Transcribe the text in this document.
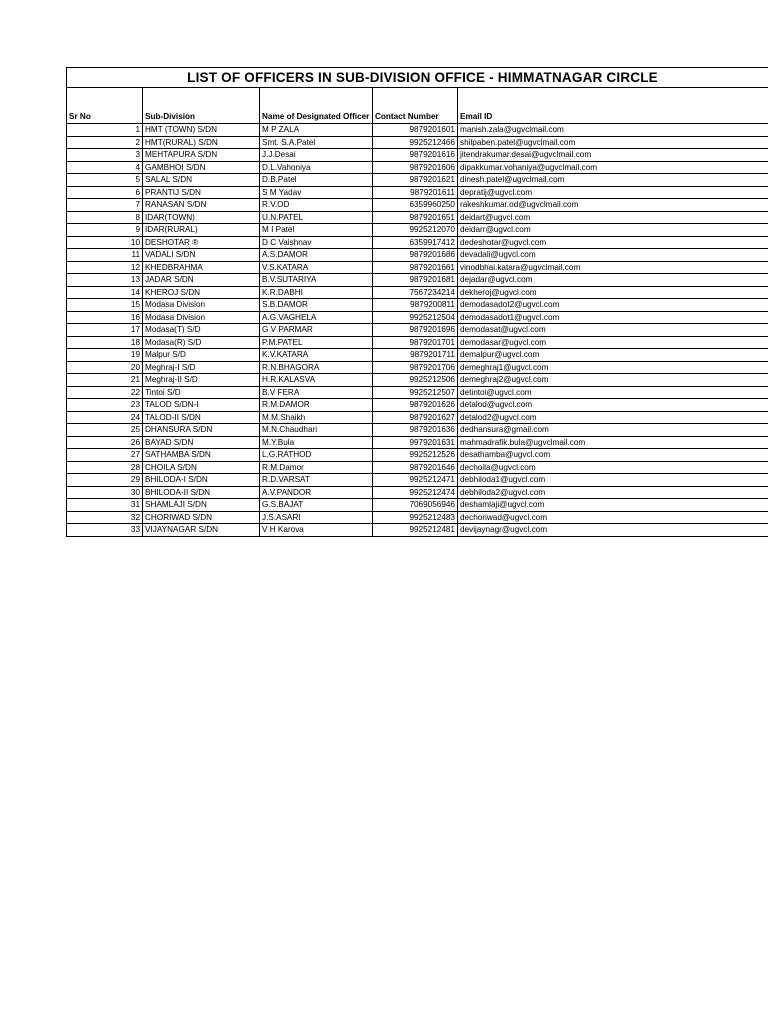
LIST OF OFFICERS IN SUB-DIVISION OFFICE - HIMMATNAGAR CIRCLE				
Sr No	Sub-Division	Name of Designated Officer	Contact Number	Email ID
1	HMT (TOWN) S/DN	M P ZALA	9879201601	manish.zala@ugvclmail.com
2	HMT(RURAL) S/DN	Smt. S.A.Patel	9925212466	shilpaben.patel@ugvclmail.com
3	MEHTAPURA S/DN	J.J.Desai	9879201616	jitendrakumar.desai@ugvclmail.com
4	GAMBHOI S/DN	D.L.Vahoniya	9879201606	dipakkumar.vohaniya@ugvclmail.com
5	SALAL S/DN	D.B.Patel	9879201621	dinesh.patel@ugvclmail.com
6	PRANTIJ S/DN	S M Yadav	9879201611	depratij@ugvcl.com
7	RANASAN S/DN	R.V.OD	6359960250	rakeshkumar.od@ugvclmail.com
8	IDAR(TOWN)	U.N.PATEL	9879201651	deidart@ugvcl.com
9	IDAR(RURAL)	M I Patel	9925212070	deidarr@ugvcl.com
10	DESHOTAR ®	D C Vaishnav	6359917412	dedeshotar@ugvcl.com
11	VADALI S/DN	A.S.DAMOR	9879201686	devadali@ugvcl.com
12	KHEDBRAHMA	V.S.KATARA	9879201661	vinodbhai.katara@ugvclmail.com
13	JADAR S/DN	B.V.SUTARIYA	9879201681	dejadar@ugvcl.com
14	KHEROJ S/DN	K.R.DABHI	7567234214	dekheroj@ugvcl.com
15	Modasa Division	S.B.DAMOR	9879200811	demodasadot2@ugvcl.com
16	Modasa Division	A.G.VAGHELA	9925212504	demodasadot1@ugvcl.com
17	Modasa(T) S/D	G V PARMAR	9879201696	demodasat@ugvcl.com
18	Modasa(R) S/D	P.M.PATEL	9879201701	demodasar@ugvcl.com
19	Malpur S/D	K.V.KATARA	9879201711	demalpur@ugvcl.com
20	Meghraj-I S/D	R.N.BHAGORA	9879201706	demeghraj1@ugvcl.com
21	Meghraj-II S/D	H.R.KALASVA	9925212506	demeghraj2@ugvcl.com
22	Tintoi S/D	B.V FERA	9925212507	detintoi@ugvcl.com
23	TALOD S/DN-I	R.M.DAMOR	9879201626	detalod@ugvcl.com
24	TALOD-II S/DN	M.M.Shaikh	9879201627	detalod2@ugvcl.com
25	DHANSURA S/DN	M.N.Chaudhari	9879201636	dedhansura@gmail.com
26	BAYAD S/DN	M.Y.Bula	9979201631	mahmadrafik.bula@ugvclmail.com
27	SATHAMBA S/DN	L.G.RATHOD	9925212526	desathamba@ugvcl.com
28	CHOILA S/DN	R.M.Damor	9879201646	dechoila@ugvcl.com
29	BHILODA-I S/DN	R.D.VARSAT	9925212471	debhiloda1@ugvcl.com
30	BHILODA-II S/DN	A.V.PANDOR	9925212474	debhiloda2@ugvcl.com
31	SHAMLAJI S/DN	G.S.BAJAT	7069056946	deshamlaji@ugvcl.com
32	CHORIWAD S/DN	J.S.ASARI	9925212483	dechoriwad@ugvcl.com
33	VIJAYNAGAR S/DN	V H Karova	9925212481	devijaynagr@ugvcl.com
